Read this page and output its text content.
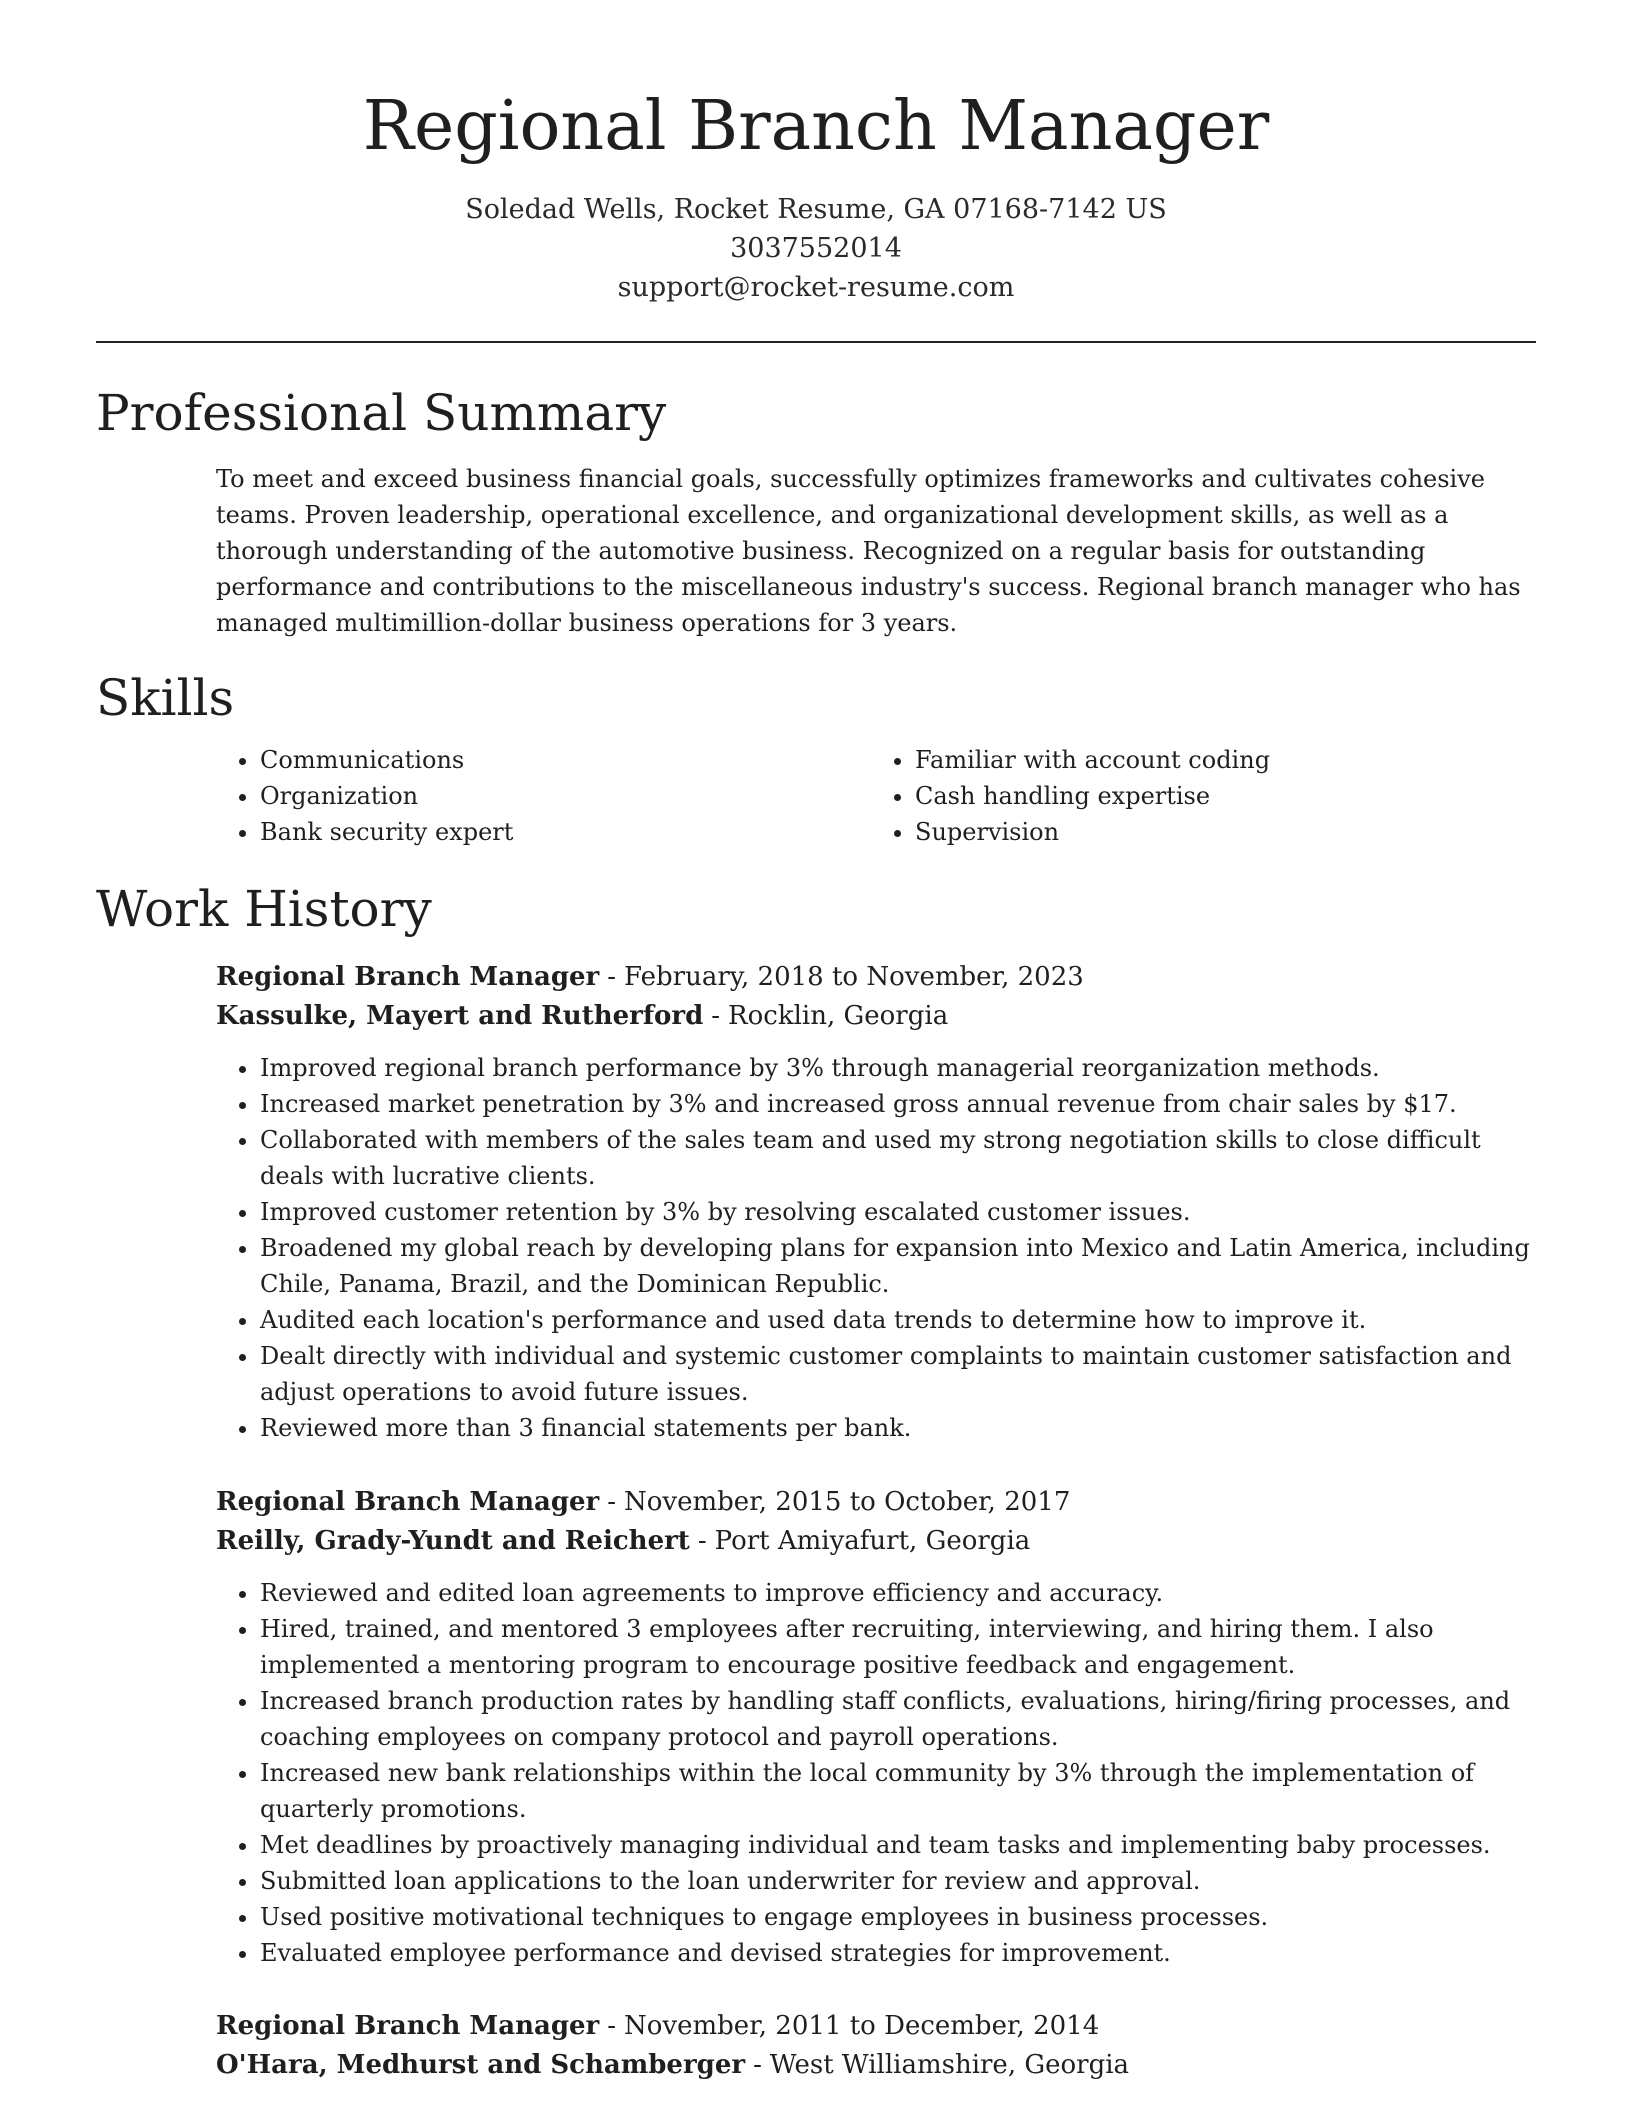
Regional Branch Manager
Soledad Wells, Rocket Resume, GA 07168-7142 US
3037552014
support@rocket-resume.com
Professional Summary

To meet and exceed business financial goals, successfully optimizes frameworks and cultivates cohesive teams. Proven leadership, operational excellence, and organizational development skills, as well as a thorough understanding of the automotive business. Recognized on a regular basis for outstanding performance and contributions to the miscellaneous industry's success. Regional branch manager who has managed multimillion-dollar business operations for 3 years.

Skills
• Communications
• Organization
• Bank security expert
• Familiar with account coding
• Cash handling expertise
• Supervision
Work History
Regional Branch Manager - February, 2018 to November, 2023
Kassulke, Mayert and Rutherford - Rocklin, Georgia
• Improved regional branch performance by 3% through managerial reorganization methods.
• Increased market penetration by 3% and increased gross annual revenue from chair sales by $17.
• Collaborated with members of the sales team and used my strong negotiation skills to close difficult deals with lucrative clients.
• Improved customer retention by 3% by resolving escalated customer issues.
• Broadened my global reach by developing plans for expansion into Mexico and Latin America, including Chile, Panama, Brazil, and the Dominican Republic.
• Audited each location's performance and used data trends to determine how to improve it.
• Dealt directly with individual and systemic customer complaints to maintain customer satisfaction and adjust operations to avoid future issues.
• Reviewed more than 3 financial statements per bank.
Regional Branch Manager - November, 2015 to October, 2017
Reilly, Grady-Yundt and Reichert - Port Amiyafurt, Georgia
• Reviewed and edited loan agreements to improve efficiency and accuracy.
• Hired, trained, and mentored 3 employees after recruiting, interviewing, and hiring them. I also implemented a mentoring program to encourage positive feedback and engagement.
• Increased branch production rates by handling staff conflicts, evaluations, hiring/firing processes, and coaching employees on company protocol and payroll operations.
• Increased new bank relationships within the local community by 3% through the implementation of quarterly promotions.
• Met deadlines by proactively managing individual and team tasks and implementing baby processes.
• Submitted loan applications to the loan underwriter for review and approval.
• Used positive motivational techniques to engage employees in business processes.
• Evaluated employee performance and devised strategies for improvement.
Regional Branch Manager - November, 2011 to December, 2014
O'Hara, Medhurst and Schamberger - West Williamshire, Georgia
